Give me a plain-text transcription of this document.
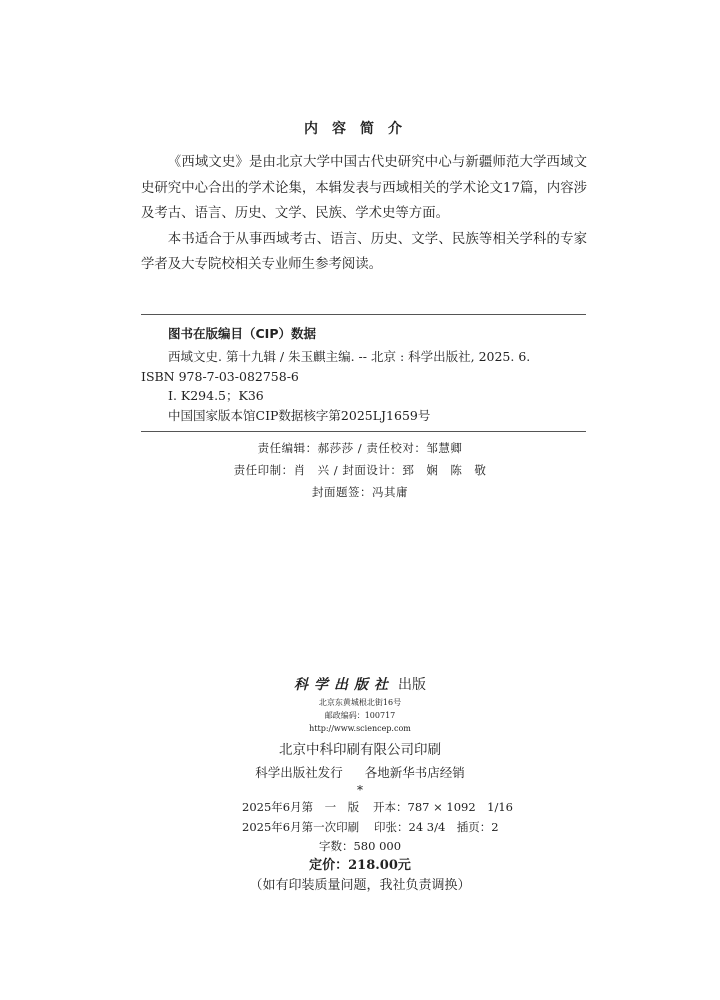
内容简介

《西域文史》是由北京大学中国古代史研究中心与新疆师范大学西域文史研究中心合出的学术论集，本辑发表与西域相关的学术论文17篇，内容涉及考古、语言、历史、文学、民族、学术史等方面。

本书适合于从事西域考古、语言、历史、文学、民族等相关学科的专家学者及大专院校相关专业师生参考阅读。

图书在版编目（CIP）数据
西域文史. 第十九辑 / 朱玉麒主编. -- 北京 : 科学出版社, 2025. 6.
ISBN 978-7-03-082758-6
Ⅰ. K294.5；K36
中国国家版本馆CIP数据核字第2025LJ1659号
责任编辑：郝莎莎 / 责任校对：邹慧卿
责任印制：肖　兴 / 封面设计：郅　娴　陈　敬
封面题签：冯其庸
科学出版社 出版
北京东黄城根北街16号
邮政编码：100717
http://www.sciencep.com
北京中科印刷有限公司印刷
科学出版社发行 各地新华书店经销
*
2025年6月第　一　版 开本：787 × 1092　1/16
2025年6月第一次印刷 印张：24 3/4　插页：2
字数：580 000
定价：218.00元
（如有印装质量问题，我社负责调换）
